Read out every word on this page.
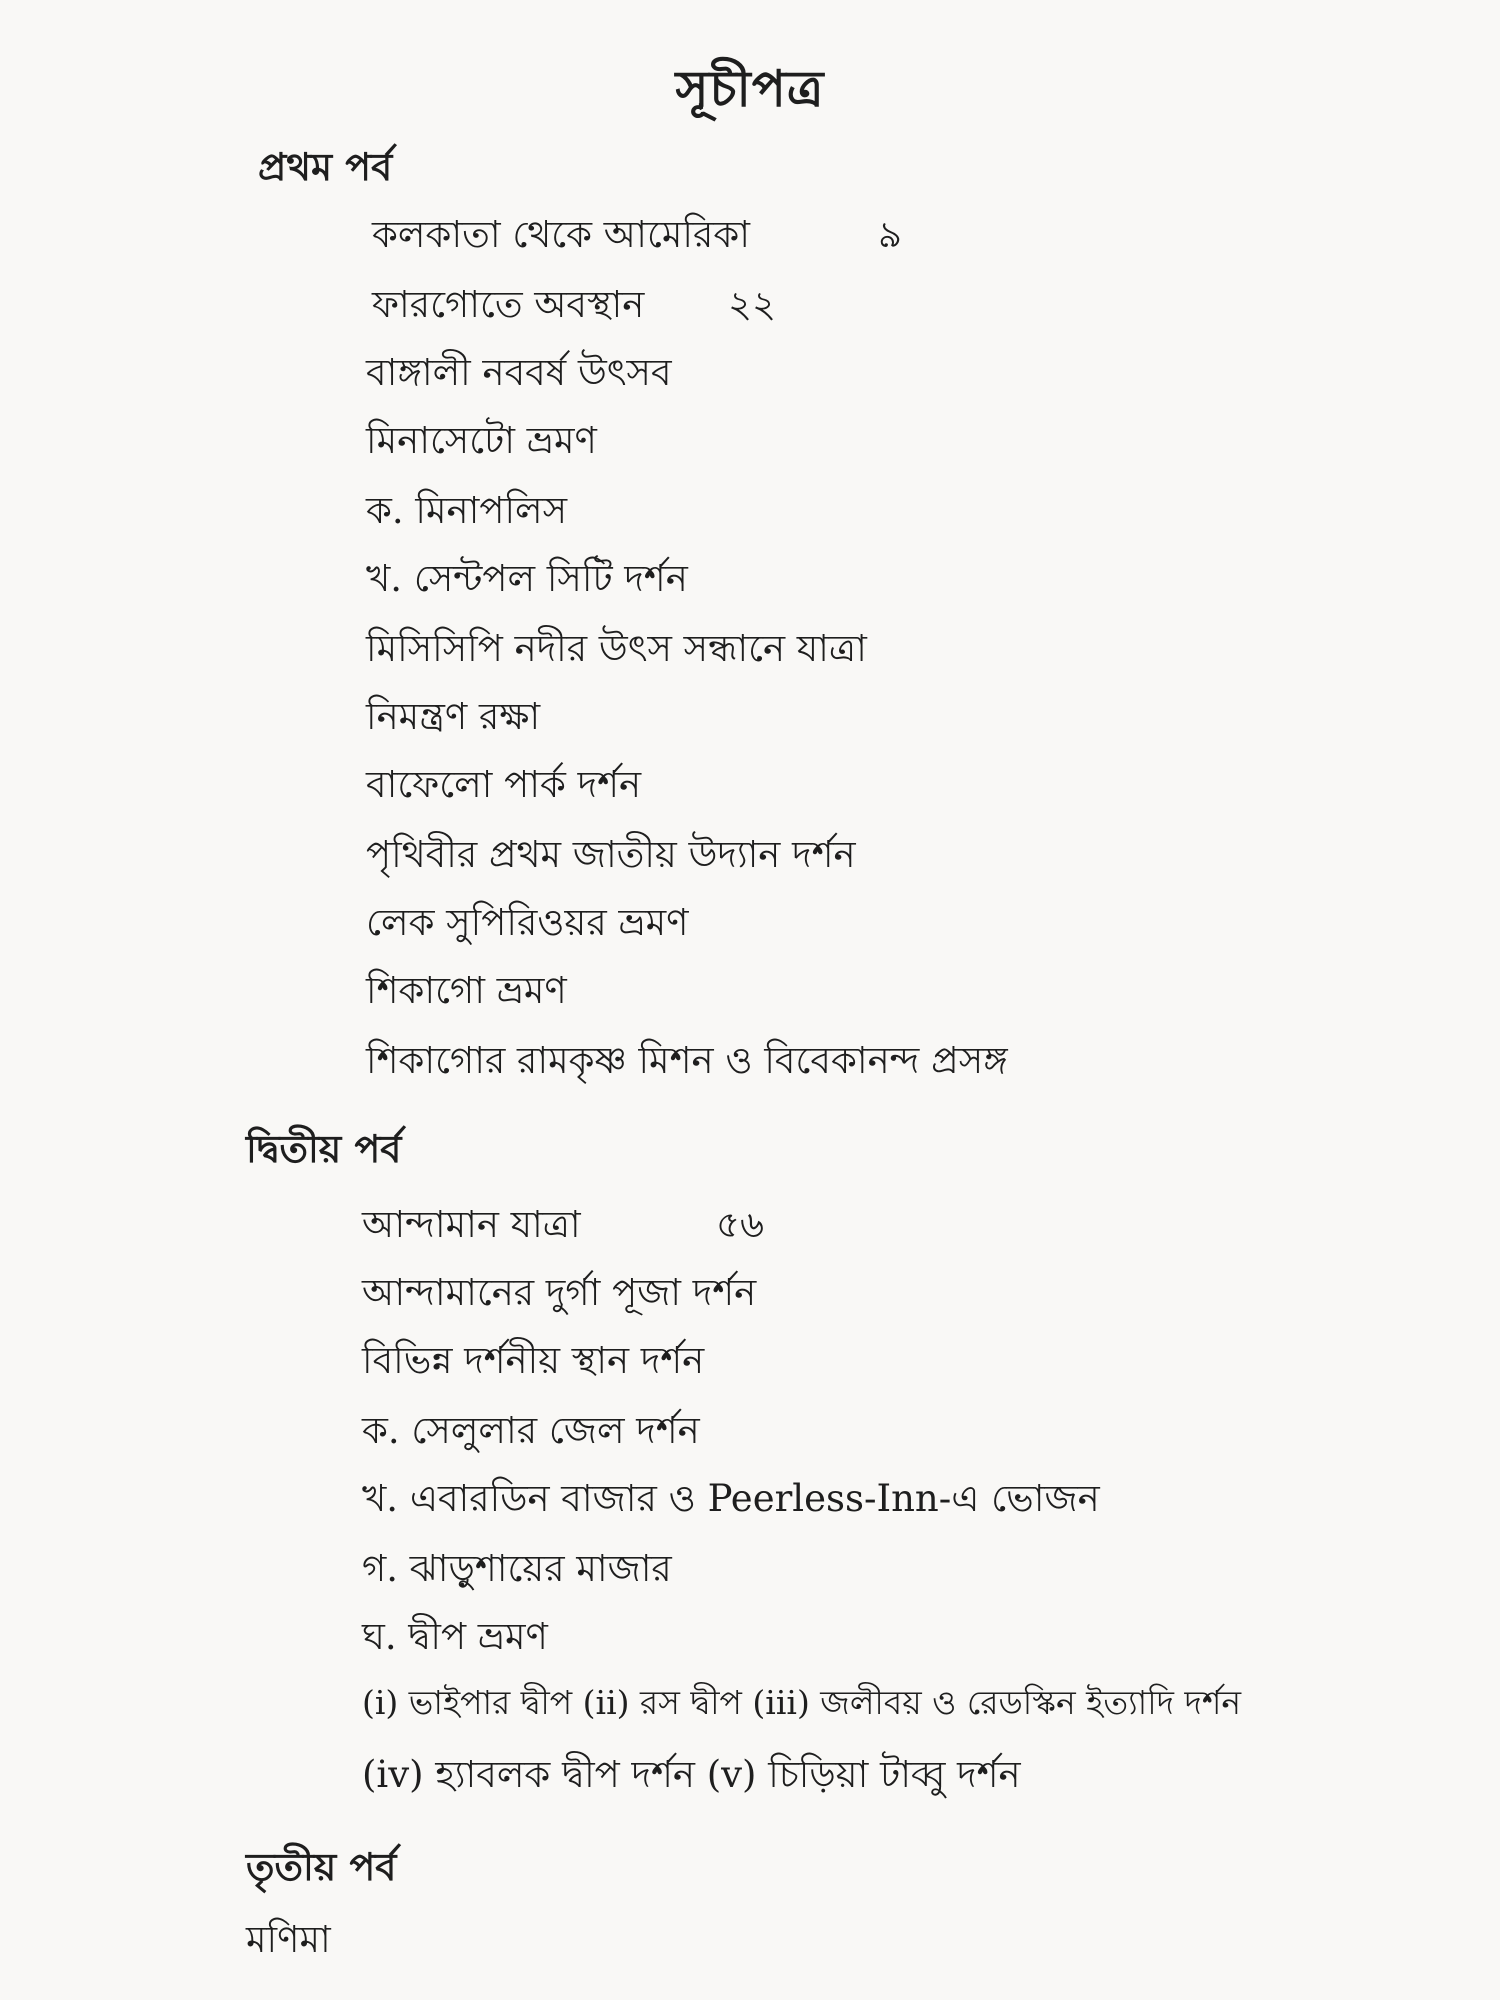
সূচীপত্র
প্রথম পর্ব
কলকাতা থেকে আমেরিকা	৯
ফারগোতে অবস্থান ২২
বাঙ্গালী নববর্ষ উৎসব
মিনাসেটো ভ্রমণ
ক. মিনাপলিস
খ. সেন্টপল সিটি দর্শন
মিসিসিপি নদীর উৎস সন্ধানে যাত্রা
নিমন্ত্রণ রক্ষা
বাফেলো পার্ক দর্শন
পৃথিবীর প্রথম জাতীয় উদ্যান দর্শন
লেক সুপিরিওয়র ভ্রমণ
শিকাগো ভ্রমণ
শিকাগোর রামকৃষ্ণ মিশন ও বিবেকানন্দ প্রসঙ্গ
দ্বিতীয় পর্ব
আন্দামান যাত্রা	৫৬
আন্দামানের দুর্গা পূজা দর্শন
বিভিন্ন দর্শনীয় স্থান দর্শন
ক. সেলুলার জেল দর্শন
খ. এবারডিন বাজার ও Peerless-Inn-এ ভোজন
গ. ঝাড়ুশায়ের মাজার
ঘ. দ্বীপ ভ্রমণ
(i) ভাইপার দ্বীপ (ii) রস দ্বীপ (iii) জলীবয় ও রেডস্কিন ইত্যাদি দর্শন
(iv) হ্যাবলক দ্বীপ দর্শন (v) চিড়িয়া টাব্বু দর্শন
তৃতীয় পর্ব
মণিমা
